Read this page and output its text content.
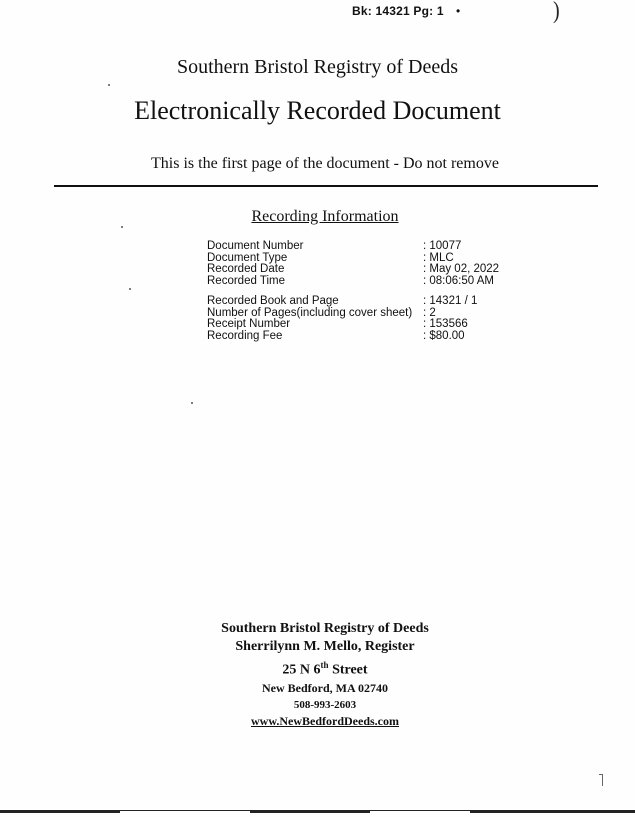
Bk: 14321 Pg: 1 •	)
Southern Bristol Registry of Deeds
Electronically Recorded Document
This is the first page of the document - Do not remove
Recording Information
Document Number	: 10077
Document Type	: MLC
Recorded Date	: May 02, 2022
Recorded Time	: 08:06:50 AM
Recorded Book and Page	: 14321 / 1
Number of Pages(including cover sheet) : 2
Receipt Number	: 153566
Recording Fee	: $80.00
Southern Bristol Registry of Deeds
Sherrilynn M. Mello, Register
25 N 6th Street
New Bedford, MA 02740
508-993-2603
www.NewBedfordDeeds.com
